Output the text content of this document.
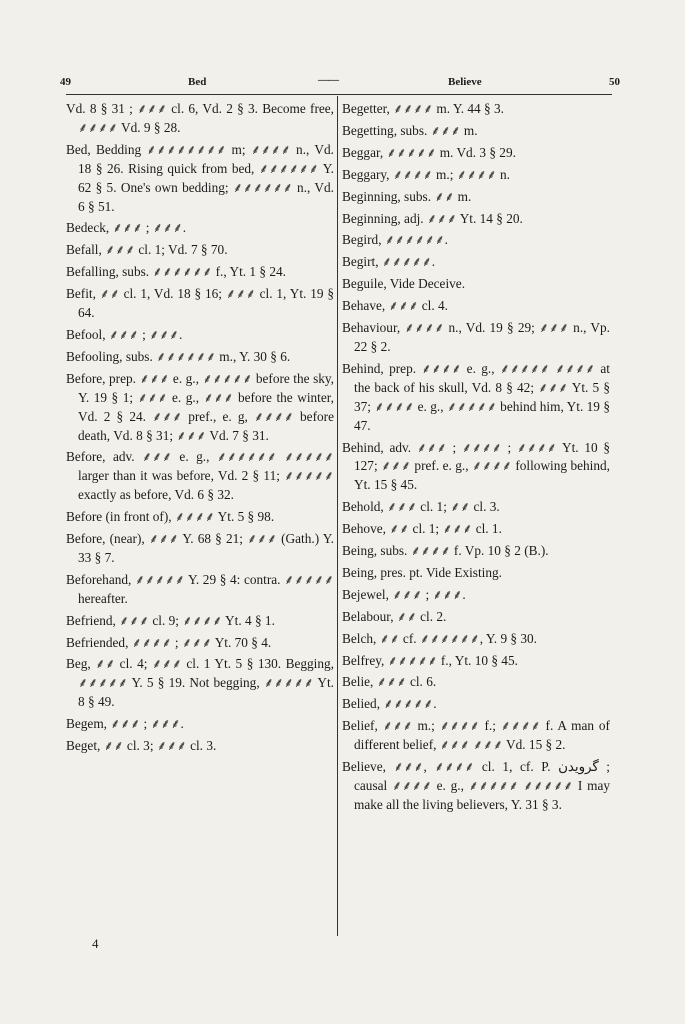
49	Bed	——	Believe	50

Vd. 8 § 31 ; ⸙⸙⸙ cl. 6, Vd. 2 § 3. Become free, ⸙⸙⸙⸙ Vd. 9 § 28.

Bed, Bedding ⸙⸙⸙⸙⸙⸙⸙⸙ m; ⸙⸙⸙⸙ n., Vd. 18 § 26. Rising quick from bed, ⸙⸙⸙⸙⸙⸙ Y. 62 § 5. One's own bedding; ⸙⸙⸙⸙⸙⸙ n., Vd. 6 § 51.

Bedeck, ⸙⸙⸙ ; ⸙⸙⸙.

Befall, ⸙⸙⸙ cl. 1; Vd. 7 § 70.

Befalling, subs. ⸙⸙⸙⸙⸙⸙ f., Yt. 1 § 24.

Befit, ⸙⸙ cl. 1, Vd. 18 § 16; ⸙⸙⸙ cl. 1, Yt. 19 § 64.

Befool, ⸙⸙⸙ ; ⸙⸙⸙.

Befooling, subs. ⸙⸙⸙⸙⸙⸙ m., Y. 30 § 6.

Before, prep. ⸙⸙⸙ e. g., ⸙⸙⸙⸙⸙ before the sky, Y. 19 § 1; ⸙⸙⸙ e. g., ⸙⸙⸙ before the winter, Vd. 2 § 24. ⸙⸙⸙ pref., e. g, ⸙⸙⸙⸙ before death, Vd. 8 § 31; ⸙⸙⸙ Vd. 7 § 31.

Before, adv. ⸙⸙⸙ e. g., ⸙⸙⸙⸙⸙⸙ ⸙⸙⸙⸙⸙ larger than it was before, Vd. 2 § 11; ⸙⸙⸙⸙⸙ exactly as before, Vd. 6 § 32.

Before (in front of), ⸙⸙⸙⸙ Yt. 5 § 98.

Before, (near), ⸙⸙⸙ Y. 68 § 21; ⸙⸙⸙ (Gath.) Y. 33 § 7.

Beforehand, ⸙⸙⸙⸙⸙ Y. 29 § 4: contra. ⸙⸙⸙⸙⸙ hereafter.

Befriend, ⸙⸙⸙ cl. 9; ⸙⸙⸙⸙ Yt. 4 § 1.

Befriended, ⸙⸙⸙⸙ ; ⸙⸙⸙ Yt. 70 § 4.

Beg, ⸙⸙ cl. 4; ⸙⸙⸙ cl. 1 Yt. 5 § 130. Begging, ⸙⸙⸙⸙⸙ Y. 5 § 19. Not begging, ⸙⸙⸙⸙⸙ Yt. 8 § 49.

Begem, ⸙⸙⸙ ; ⸙⸙⸙.

Beget, ⸙⸙ cl. 3; ⸙⸙⸙ cl. 3.

Begetter, ⸙⸙⸙⸙ m. Y. 44 § 3.

Begetting, subs. ⸙⸙⸙ m.

Beggar, ⸙⸙⸙⸙⸙ m. Vd. 3 § 29.

Beggary, ⸙⸙⸙⸙ m.; ⸙⸙⸙⸙ n.

Beginning, subs. ⸙⸙ m.

Beginning, adj. ⸙⸙⸙ Yt. 14 § 20.

Begird, ⸙⸙⸙⸙⸙⸙.

Begirt, ⸙⸙⸙⸙⸙.

Beguile, Vide Deceive.

Behave, ⸙⸙⸙ cl. 4.

Behaviour, ⸙⸙⸙⸙ n., Vd. 19 § 29; ⸙⸙⸙ n., Vp. 22 § 2.

Behind, prep. ⸙⸙⸙⸙ e. g., ⸙⸙⸙⸙⸙ ⸙⸙⸙⸙ at the back of his skull, Vd. 8 § 42; ⸙⸙⸙ Yt. 5 § 37; ⸙⸙⸙⸙ e. g., ⸙⸙⸙⸙⸙ behind him, Yt. 19 § 47.

Behind, adv. ⸙⸙⸙ ; ⸙⸙⸙⸙ ; ⸙⸙⸙⸙ Yt. 10 § 127; ⸙⸙⸙ pref. e. g., ⸙⸙⸙⸙ following behind, Yt. 15 § 45.

Behold, ⸙⸙⸙ cl. 1; ⸙⸙ cl. 3.

Behove, ⸙⸙ cl. 1; ⸙⸙⸙ cl. 1.

Being, subs. ⸙⸙⸙⸙ f. Vp. 10 § 2 (B.).

Being, pres. pt. Vide Existing.

Bejewel, ⸙⸙⸙ ; ⸙⸙⸙.

Belabour, ⸙⸙ cl. 2.

Belch, ⸙⸙ cf. ⸙⸙⸙⸙⸙⸙, Y. 9 § 30.

Belfrey, ⸙⸙⸙⸙⸙ f., Yt. 10 § 45.

Belie, ⸙⸙⸙ cl. 6.

Belied, ⸙⸙⸙⸙⸙.

Belief, ⸙⸙⸙ m.; ⸙⸙⸙⸙ f.; ⸙⸙⸙⸙ f. A man of different belief, ⸙⸙⸙ ⸙⸙⸙ Vd. 15 § 2.

Believe, ⸙⸙⸙, ⸙⸙⸙⸙ cl. 1, cf. P. گرويدن ; causal ⸙⸙⸙⸙ e. g., ⸙⸙⸙⸙⸙ ⸙⸙⸙⸙⸙ I may make all the living believers, Y. 31 § 3.

4
